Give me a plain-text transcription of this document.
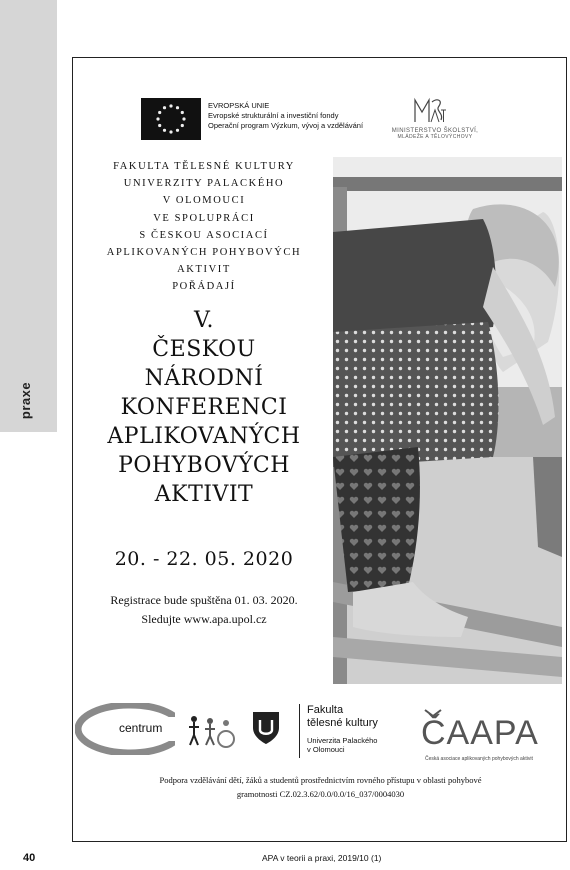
praxe
EVROPSKÁ UNIE
Evropské strukturální a investiční fondy
Operační program Výzkum, vývoj a vzdělávání
MINISTERSTVO ŠKOLSTVÍ,
MLÁDEŽE A TĚLOVÝCHOVY
FAKULTA TĚLESNÉ KULTURY
UNIVERZITY PALACKÉHO
V OLOMOUCI
VE SPOLUPRÁCI
S ČESKOU ASOCIACÍ
APLIKOVANÝCH POHYBOVÝCH
AKTIVIT
POŘÁDAJÍ
V.
ČESKOU
NÁRODNÍ
KONFERENCI
APLIKOVANÝCH
POHYBOVÝCH
AKTIVIT
20. - 22. 05. 2020
Registrace bude spuštěna 01. 03. 2020.
Sledujte www.apa.upol.cz
centrum
Fakulta
tělesné kultury
Univerzita Palackého
v Olomouci	ČAAPA
Česká asociace aplikovaných pohybových aktivit
Podpora vzdělávání dětí, žáků a studentů prostřednictvím rovného přístupu v oblasti pohybové
gramotnosti CZ.02.3.62/0.0/0.0/16_037/0004030
40	APA v teorii a praxi, 2019/10 (1)
